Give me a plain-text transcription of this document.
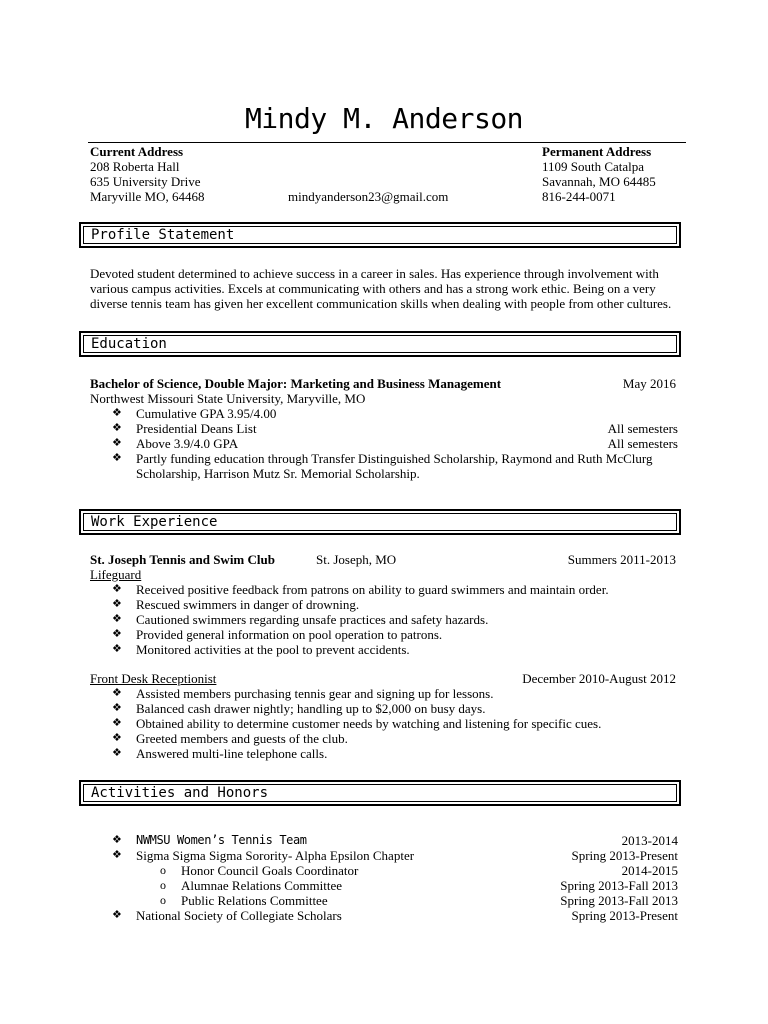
Mindy M. Anderson
Current Address
208 Roberta Hall
635 University Drive
Maryville MO, 64468	mindyanderson23@gmail.com
Permanent Address
1109 South Catalpa
Savannah, MO 64485
816-244-0071
Profile Statement
Devoted student determined to achieve success in a career in sales. Has experience through involvement with
various campus activities. Excels at communicating with others and has a strong work ethic. Being on a very
diverse tennis team has given her excellent communication skills when dealing with people from other cultures.
Education
Bachelor of Science, Double Major: Marketing and Business Management	May 2016
Northwest Missouri State University, Maryville, MO
❖ Cumulative GPA 3.95/4.00
❖ Presidential Deans List	All semesters
❖ Above 3.9/4.0 GPA	All semesters
❖ Partly funding education through Transfer Distinguished Scholarship, Raymond and Ruth McClurg
Scholarship, Harrison Mutz Sr. Memorial Scholarship.
Work Experience
St. Joseph Tennis and Swim Club	St. Joseph, MO	Summers 2011-2013
Lifeguard
❖ Received positive feedback from patrons on ability to guard swimmers and maintain order.
❖ Rescued swimmers in danger of drowning.
❖ Cautioned swimmers regarding unsafe practices and safety hazards.
❖ Provided general information on pool operation to patrons.
❖ Monitored activities at the pool to prevent accidents.
Front Desk Receptionist	December 2010-August 2012
❖ Assisted members purchasing tennis gear and signing up for lessons.
❖ Balanced cash drawer nightly; handling up to $2,000 on busy days.
❖ Obtained ability to determine customer needs by watching and listening for specific cues.
❖ Greeted members and guests of the club.
❖ Answered multi-line telephone calls.
Activities and Honors
❖ NWMSU Women’s Tennis Team	2013-2014
❖ Sigma Sigma Sigma Sorority- Alpha Epsilon Chapter	Spring 2013-Present
o Honor Council Goals Coordinator	2014-2015
o Alumnae Relations Committee	Spring 2013-Fall 2013
o Public Relations Committee	Spring 2013-Fall 2013
❖ National Society of Collegiate Scholars	Spring 2013-Present
